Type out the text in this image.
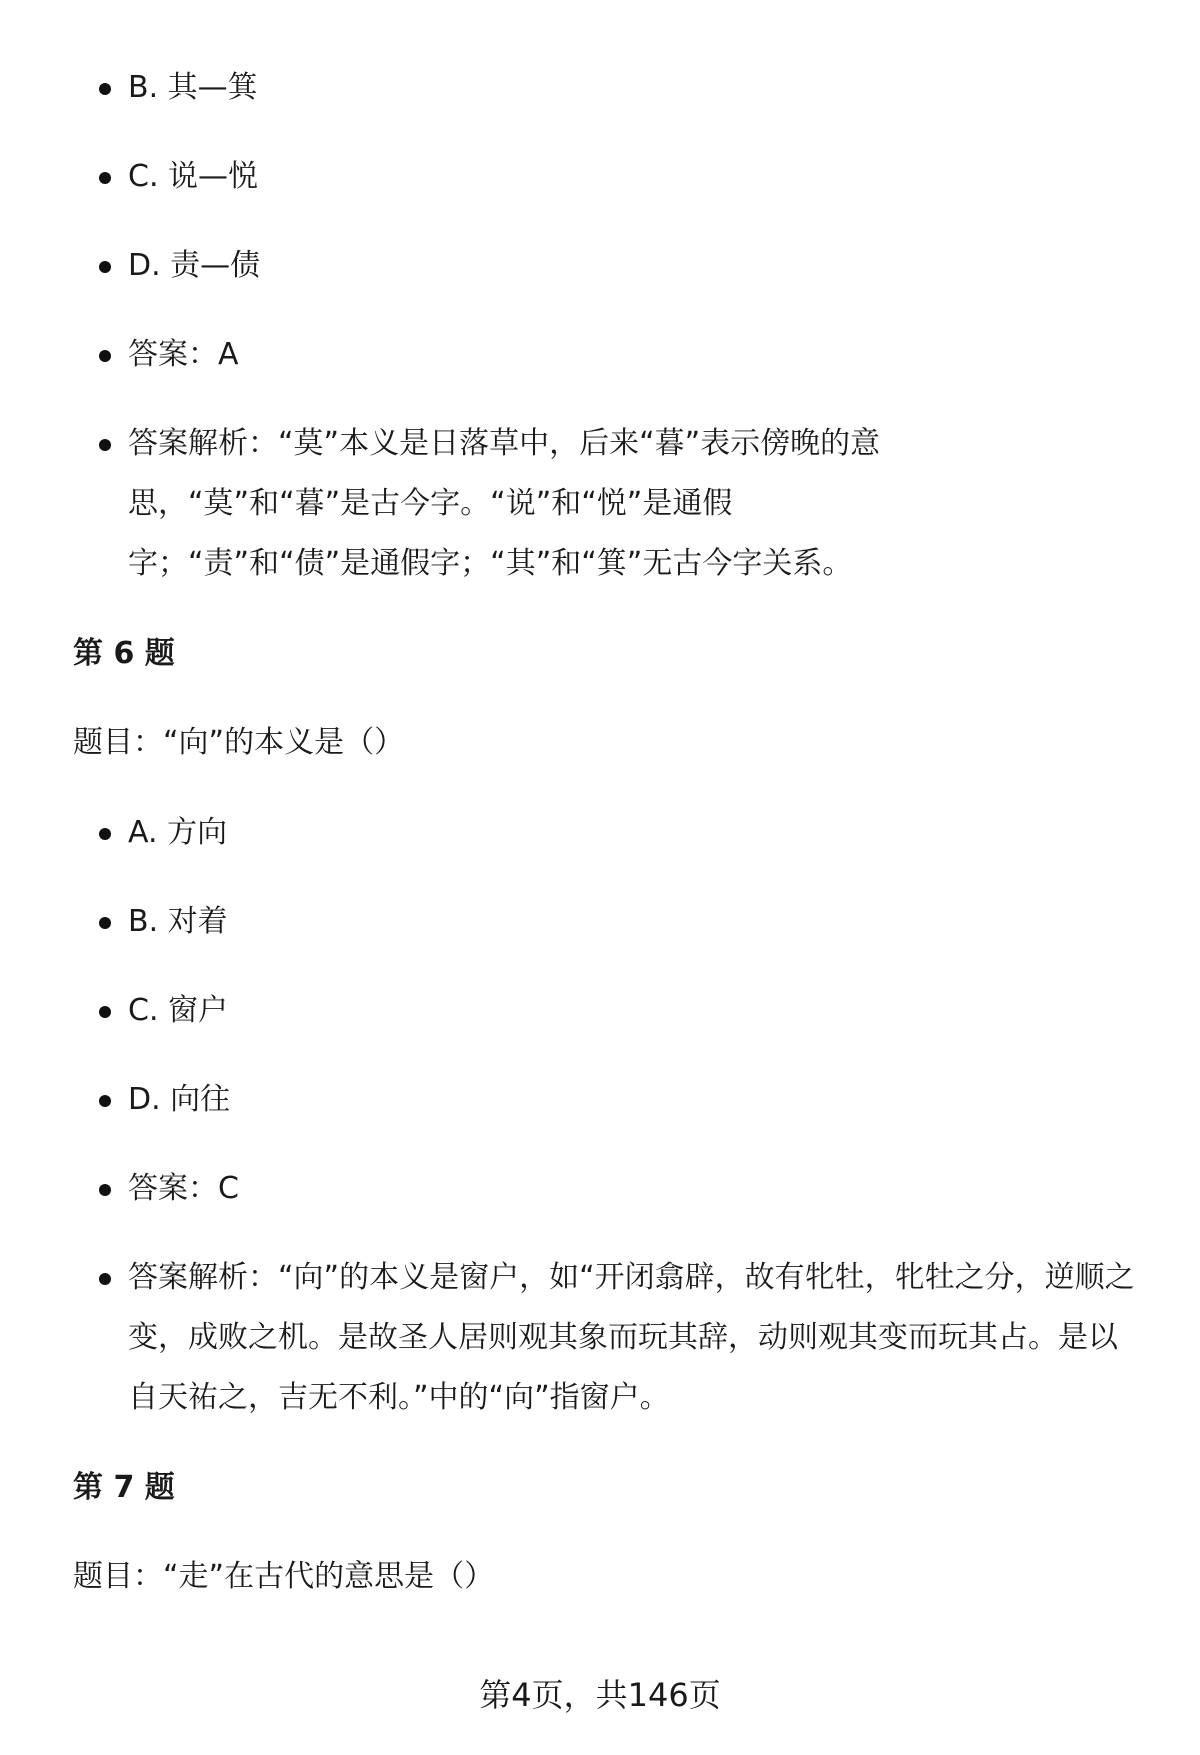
B. 其—箕
C. 说—悦
D. 责—债
答案：A
答案解析：“莫”本义是日落草中，后来“暮”表示傍晚的意思，“莫”和“暮”是古今字。“说”和“悦”是通假字；“责”和“债”是通假字；“其”和“箕”无古今字关系。
第 6 题
题目：“向”的本义是（）
A. 方向
B. 对着
C. 窗户
D. 向往
答案：C
答案解析：“向”的本义是窗户，如“开闭翕辟，故有牝牡，牝牡之分，逆顺之变，成败之机。是故圣人居则观其象而玩其辞，动则观其变而玩其占。是以自天祐之，吉无不利。”中的“向”指窗户。
第 7 题
题目：“走”在古代的意思是（）
第4页，共146页
